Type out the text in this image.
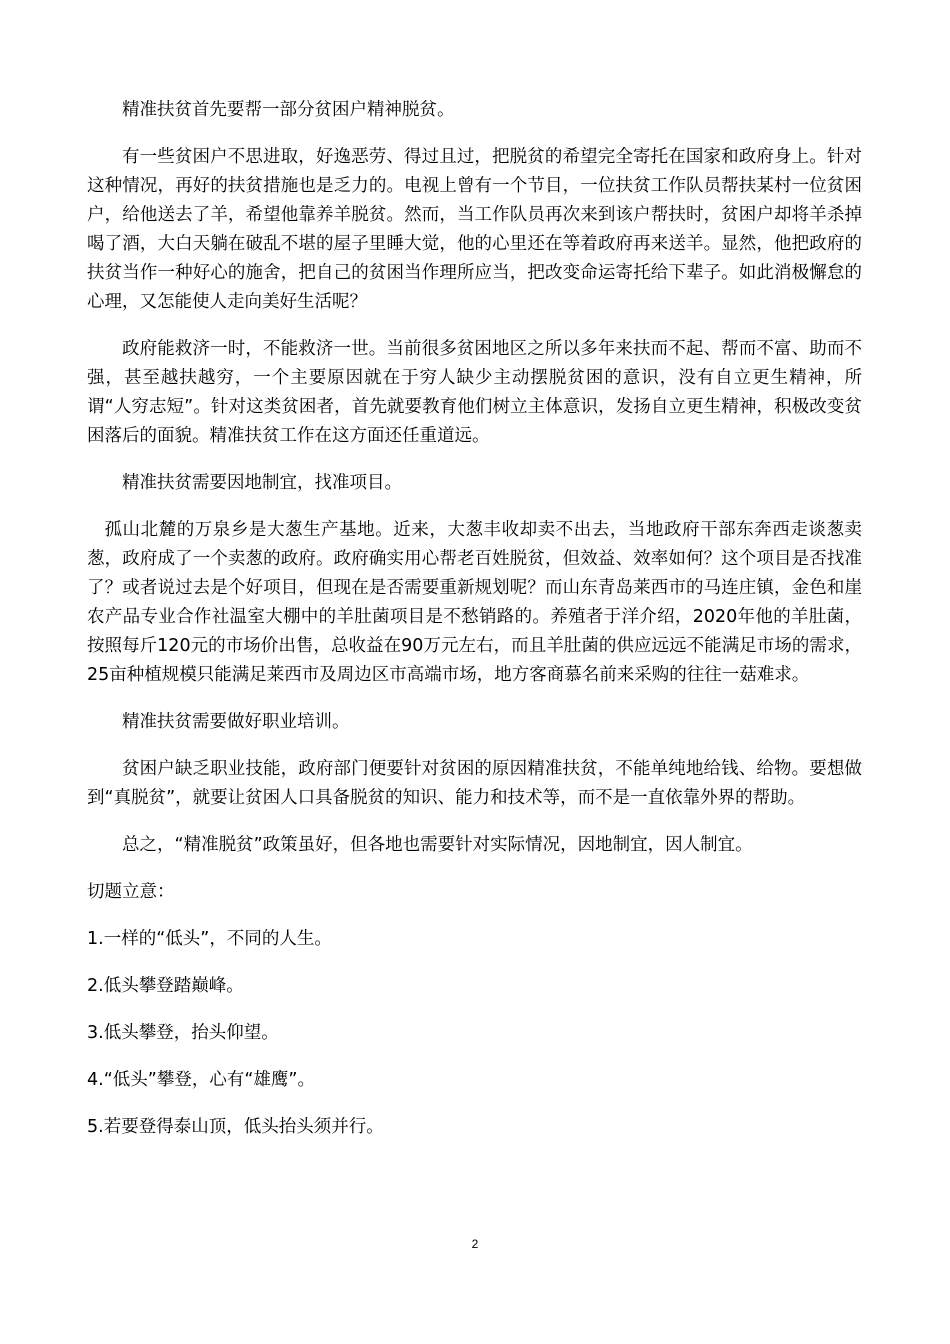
精准扶贫首先要帮一部分贫困户精神脱贫。

有一些贫困户不思进取，好逸恶劳、得过且过，把脱贫的希望完全寄托在国家和政府身上。针对这种情况，再好的扶贫措施也是乏力的。电视上曾有一个节目，一位扶贫工作队员帮扶某村一位贫困户，给他送去了羊，希望他靠养羊脱贫。然而，当工作队员再次来到该户帮扶时，贫困户却将羊杀掉喝了酒，大白天躺在破乱不堪的屋子里睡大觉，他的心里还在等着政府再来送羊。显然，他把政府的扶贫当作一种好心的施舍，把自己的贫困当作理所应当，把改变命运寄托给下辈子。如此消极懈怠的心理，又怎能使人走向美好生活呢？

政府能救济一时，不能救济一世。当前很多贫困地区之所以多年来扶而不起、帮而不富、助而不强，甚至越扶越穷，一个主要原因就在于穷人缺少主动摆脱贫困的意识，没有自立更生精神，所谓“人穷志短”。针对这类贫困者，首先就要教育他们树立主体意识，发扬自立更生精神，积极改变贫困落后的面貌。精准扶贫工作在这方面还任重道远。

精准扶贫需要因地制宜，找准项目。

孤山北麓的万泉乡是大葱生产基地。近来，大葱丰收却卖不出去，当地政府干部东奔西走谈葱卖葱，政府成了一个卖葱的政府。政府确实用心帮老百姓脱贫，但效益、效率如何？这个项目是否找准了？或者说过去是个好项目，但现在是否需要重新规划呢？而山东青岛莱西市的马连庄镇，金色和崖农产品专业合作社温室大棚中的羊肚菌项目是不愁销路的。养殖者于洋介绍，2020年他的羊肚菌，按照每斤120元的市场价出售，总收益在90万元左右，而且羊肚菌的供应远远不能满足市场的需求，25亩种植规模只能满足莱西市及周边区市高端市场，地方客商慕名前来采购的往往一菇难求。

精准扶贫需要做好职业培训。

贫困户缺乏职业技能，政府部门便要针对贫困的原因精准扶贫，不能单纯地给钱、给物。要想做到“真脱贫”，就要让贫困人口具备脱贫的知识、能力和技术等，而不是一直依靠外界的帮助。

总之，“精准脱贫”政策虽好，但各地也需要针对实际情况，因地制宜，因人制宜。

切题立意：

1.一样的“低头”，不同的人生。

2.低头攀登踏巅峰。

3.低头攀登，抬头仰望。

4.“低头”攀登，心有“雄鹰”。

5.若要登得泰山顶，低头抬头须并行。

2
